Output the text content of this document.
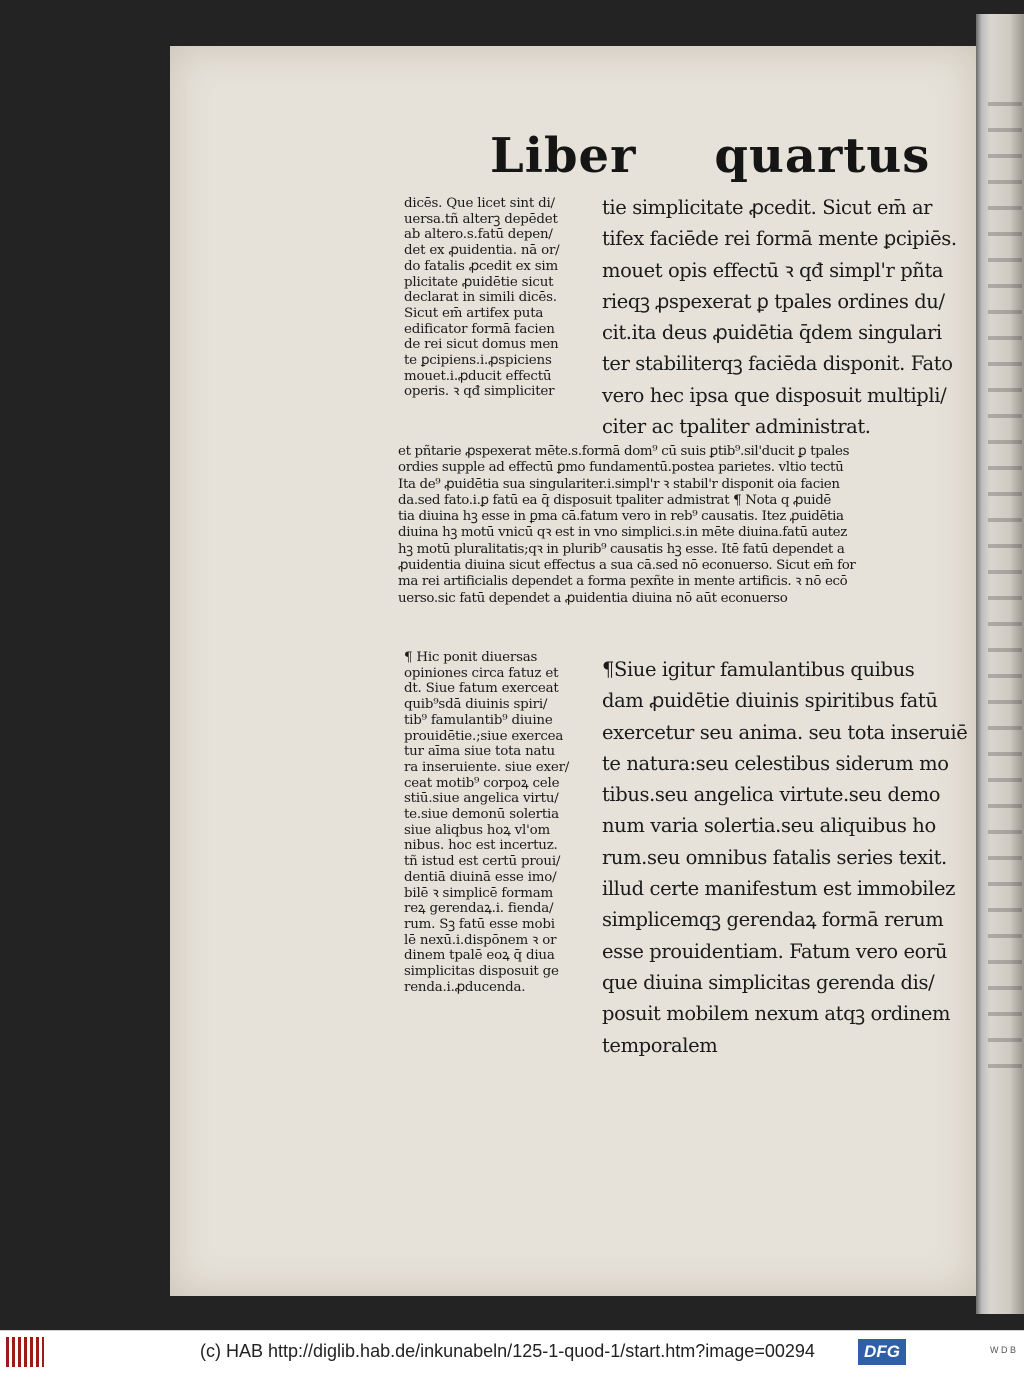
Liber quartus
dicēs. Que licet sint di/
uersa.tñ alterꝫ depēdet
ab altero.s.fatū depen/
det ex ꝓuidentia. nā or/
do fatalis ꝓcedit ex sim
plicitate ꝓuidētie sicut
declarat in simili dicēs.
Sicut em̄ artifex puta
edificator formā facien
de rei sicut domus men
te ꝑcipiens.i.ꝓspiciens
mouet.i.ꝓducit effectū
operis. ꝛ qđ simpliciter
tie simplicitate ꝓcedit. Sicut em̄ ar
tifex faciēde rei formā mente ꝑcipiēs.
mouet opis effectū ꝛ qđ simpl'r pñta
rieqꝫ ꝓspexerat ꝑ tpales ordines du/
cit.ita deus ꝓuidētia q̄dem singulari
ter stabiliterqꝫ faciēda disponit. Fato
vero hec ipsa que disposuit multipli/
citer ac tpaliter administrat.
et pñtarie ꝓspexerat mēte.s.formā dom⁹ cū suis ꝑtib⁹.sil'ducit ꝑ tpales
ordies supple ad effectū ꝑmo fundamentū.postea parietes. vltio tectū
Ita de⁹ ꝓuidētia sua singulariter.i.simpl'r ꝛ stabil'r disponit oia facien
da.sed fato.i.ꝑ fatū ea q̄ disposuit tpaliter admistrat ¶ Nota q ꝓuidē
tia diuina hꝫ esse in ꝑma cā.fatum vero in reb⁹ causatis. Itez ꝓuidētia
diuina hꝫ motū vnicū qꝛ est in vno simplici.s.in mēte diuina.fatū autez
hꝫ motū pluralitatis;qꝛ in plurib⁹ causatis hꝫ esse. Itē fatū dependet a
ꝓuidentia diuina sicut effectus a sua cā.sed nō econuerso. Sicut em̄ for
ma rei artificialis dependet a forma pexñte in mente artificis. ꝛ nō ecō
uerso.sic fatū dependet a ꝓuidentia diuina nō aūt econuerso
¶ Hic ponit diuersas
opiniones circa fatuz et
dt. Siue fatum exerceat
quib⁹sdā diuinis spiri/
tib⁹ famulantib⁹ diuine
prouidētie.;siue exercea
tur aīma siue tota natu
ra inseruiente. siue exer/
ceat motib⁹ corpoꝝ cele
stiū.siue angelica virtu/
te.siue demonū solertia
siue aliqbus hoꝝ vl'om
nibus. hoc est incertuz.
tñ istud est certū proui/
dentiā diuinā esse imo/
bilē ꝛ simplicē formam
reꝝ gerendaꝝ.i. fienda/
rum. Sꝫ fatū esse mobi
lē nexū.i.dispōnem ꝛ or
dinem tpalē eoꝝ q̄ diua
simplicitas disposuit ge
renda.i.ꝓducenda.
¶Siue igitur famulantibus quibus
dam ꝓuidētie diuinis spiritibus fatū
exercetur seu anima. seu tota inseruiē
te natura:seu celestibus siderum mo
tibus.seu angelica virtute.seu demo
num varia solertia.seu aliquibus ho
rum.seu omnibus fatalis series texit.
illud certe manifestum est immobilez
simplicemqꝫ gerendaꝝ formā rerum
esse prouidentiam. Fatum vero eorū
que diuina simplicitas gerenda dis/
posuit mobilem nexum atqꝫ ordinem
temporalem
(c) HAB http://diglib.hab.de/inkunabeln/125-1-quod-1/start.htm?image=00294	DFG	W D B
